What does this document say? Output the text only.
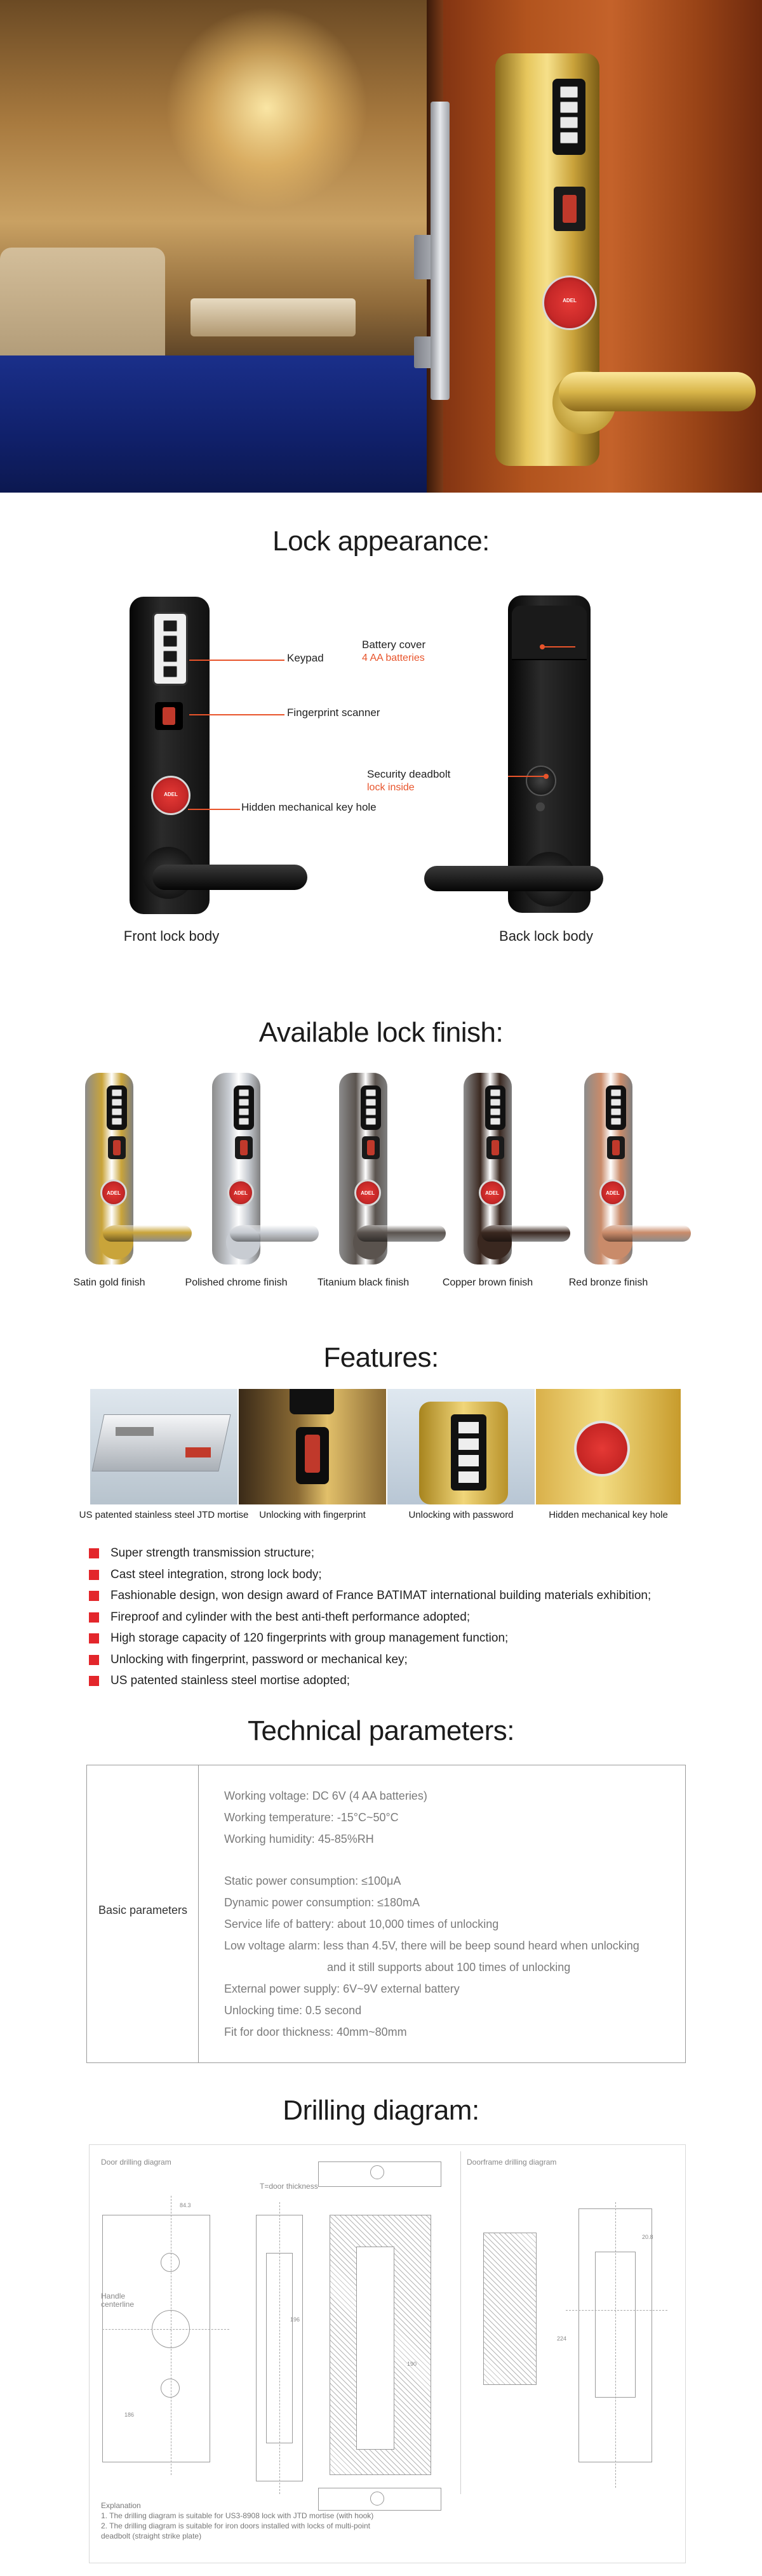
ADEL
Lock appearance:
ADEL
Keypad
Fingerprint scanner
Hidden mechanical key hole
Front lock body
Battery cover
4 AA batteries
Security deadbolt
lock inside
Back lock body
Available lock finish:
ADEL
Satin gold finish
ADEL	Polished chrome finish
ADEL	Titanium black finish
ADEL	Copper brown finish
ADEL	Red bronze finish
Features:
US patented stainless steel JTD mortise	Unlocking with fingerprint	Unlocking with password	Hidden mechanical key hole
Super strength transmission structure;
Cast steel integration, strong lock body;
Fashionable design, won design award of France BATIMAT international building materials exhibition;
Fireproof and cylinder with the best anti-theft performance adopted;
High storage capacity of 120 fingerprints with group management function;
Unlocking with fingerprint, password or mechanical key;
US patented stainless steel mortise adopted;
Technical parameters:
Basic parameters
Working voltage: DC 6V (4 AA batteries)
Working temperature: -15°C~50°C
Working humidity: 45-85%RH
Static power consumption: ≤100μA
Dynamic power consumption: ≤180mA
Service life of battery: about 10,000 times of unlocking
Low voltage alarm: less than 4.5V, there will be beep sound heard when unlocking
and it still supports about 100 times of unlocking
External power supply: 6V~9V external battery
Unlocking time: 0.5 second
Fit for door thickness: 40mm~80mm
Drilling diagram:
Door drilling diagram	Doorframe drilling diagram
T=door thickness
Handle centerline
84.3
186
196
190
20.8
224
Explanation
1. The drilling diagram is suitable for US3-8908 lock with JTD mortise (with hook)
2. The drilling diagram is suitable for iron doors installed with locks of multi-point
deadbolt (straight strike plate)
